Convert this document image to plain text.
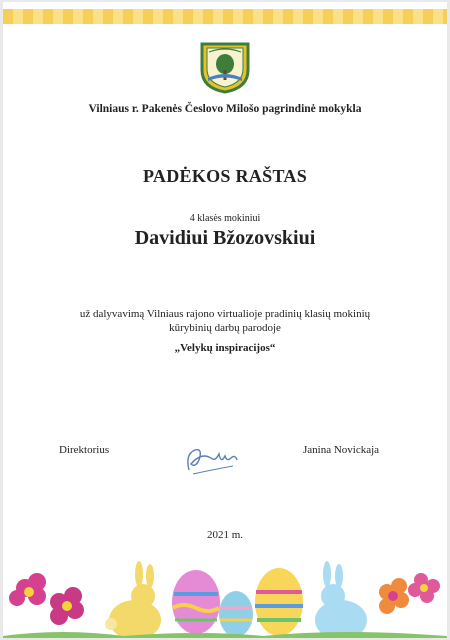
Vilniaus r. Pakenės Česlovo Milošo pagrindinė mokykla
PADĖKOS RAŠTAS
4 klasės mokiniui
Davidiui Bžozovskiui
už dalyvavimą Vilniaus rajono virtualioje pradinių klasių mokinių
kūrybinių darbų parodoje
„Velykų inspiracijos“
Direktorius	Janina Novickaja
2021 m.
